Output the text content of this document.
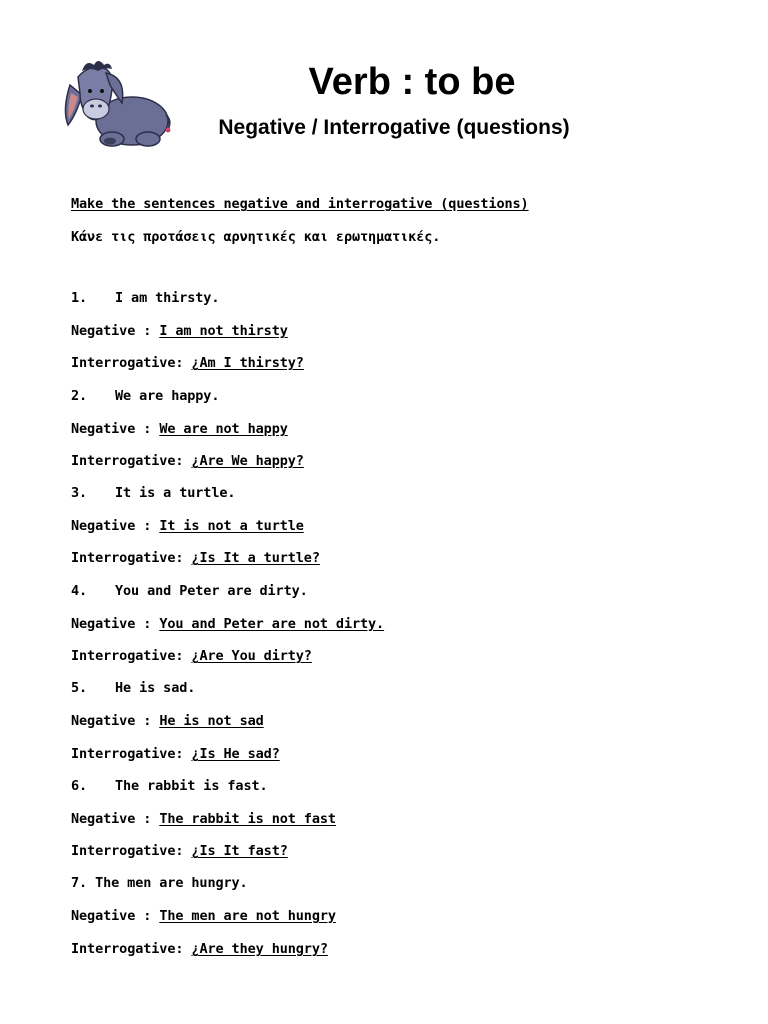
Verb : to be
Negative / Interrogative (questions)
Make the sentences negative and interrogative (questions)
Κάνε τις προτάσεις αρνητικές και ερωτηματικές.
1. I am thirsty.
Negative : I am not thirsty
Interrogative: ¿Am I thirsty?
2. We are happy.
Negative : We are not happy
Interrogative: ¿Are We happy?
3. It is a turtle.
Negative : It is not a turtle
Interrogative: ¿Is It a turtle?
4. You and Peter are dirty.
Negative : You and Peter are not dirty.
Interrogative: ¿Are You dirty?
5. He is sad.
Negative : He is not sad
Interrogative: ¿Is He sad?
6. The rabbit is fast.
Negative : The rabbit is not fast
Interrogative: ¿Is It fast?
7. The men are hungry.
Negative : The men are not hungry
Interrogative: ¿Are they hungry?
